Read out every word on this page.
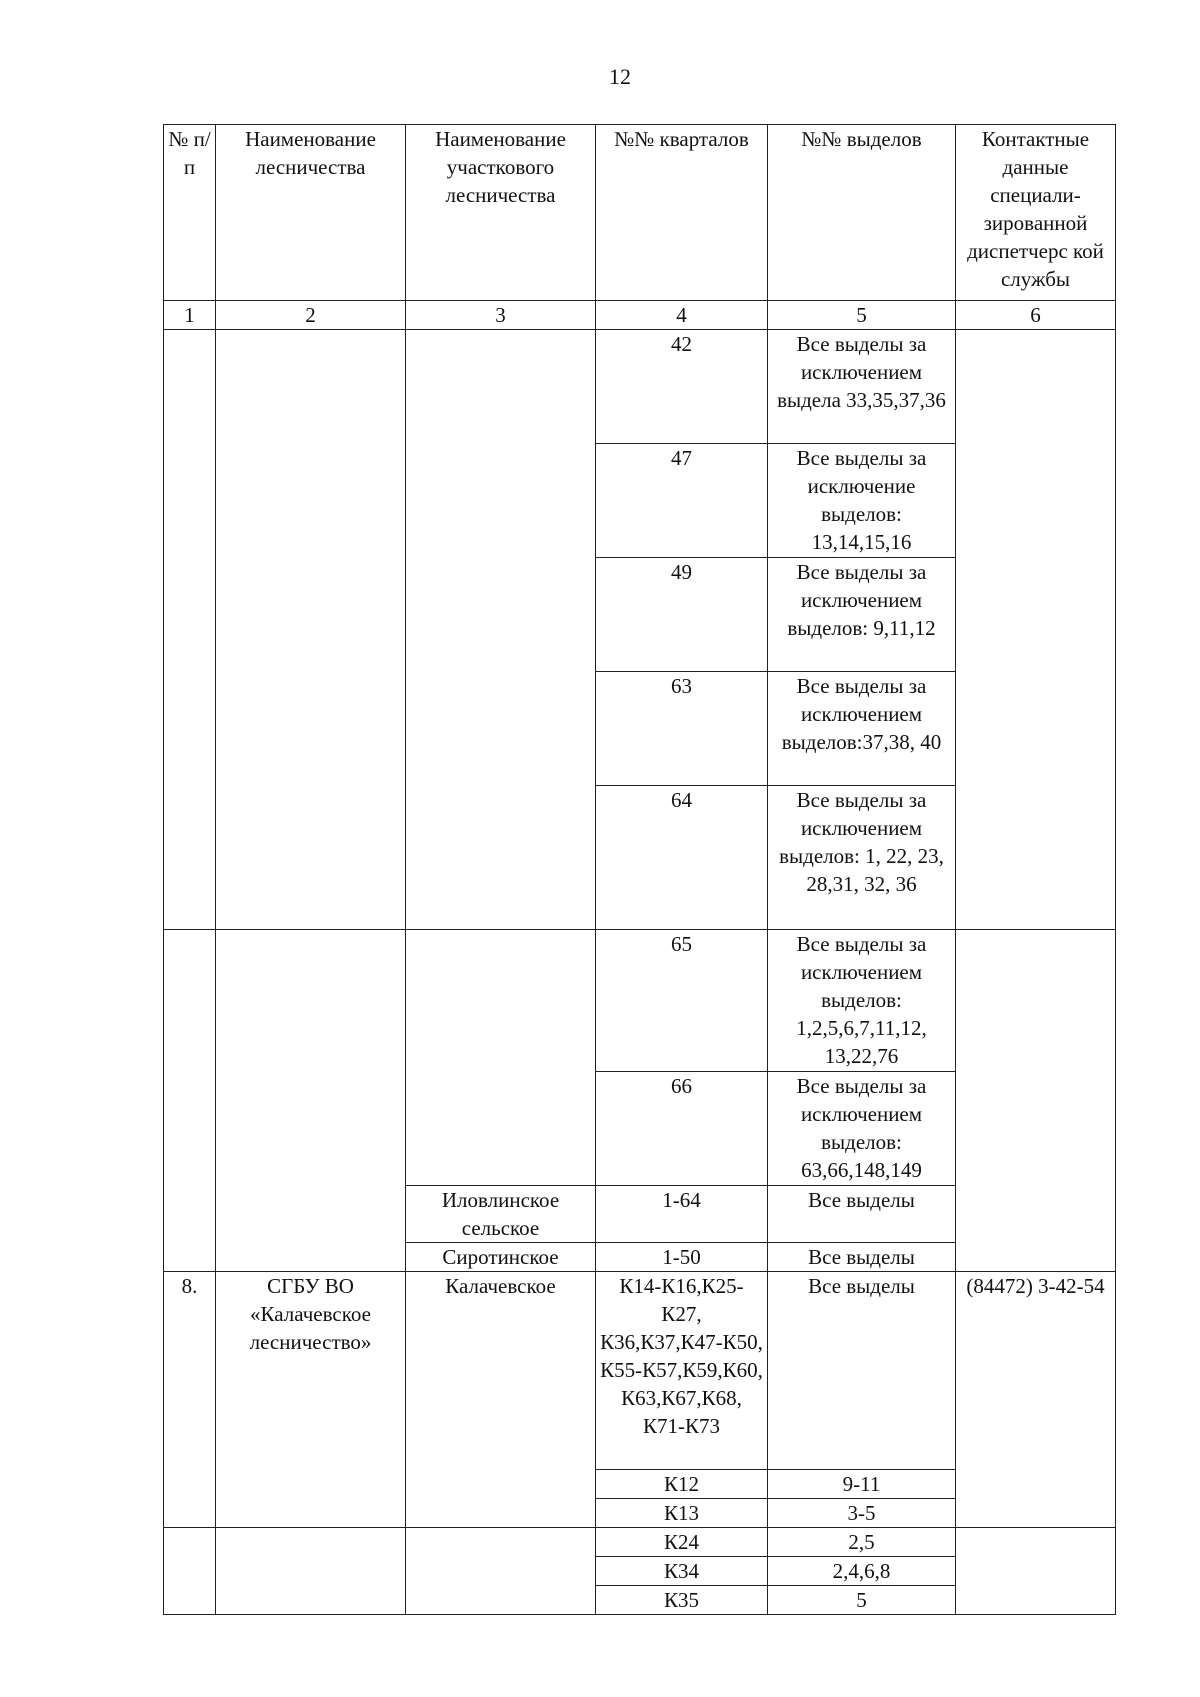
12
№ п/п	Наименование лесничества	Наименование участкового лесничества	№№ кварталов	№№ выделов	Контактные данные специали-зированной диспетчерс кой службы
1	2	3	4	5	6
			42	Все выделы за исключением выдела 33,35,37,36	
			47	Все выделы за исключение выделов: 13,14,15,16	
			49	Все выделы за исключением выделов: 9,11,12	
			63	Все выделы за исключением выделов:37,38, 40	
			64	Все выделы за исключением выделов: 1, 22, 23, 28,31, 32, 36	
			65	Все выделы за исключением выделов: 1,2,5,6,7,11,12, 13,22,76	
			66	Все выделы за исключением выделов: 63,66,148,149	
		Иловлинское сельское	1-64	Все выделы	
		Сиротинское	1-50	Все выделы	
8.	СГБУ ВО «Калачевское лесничество»	Калачевское	К14-К16,К25-К27, К36,К37,К47-К50, К55-К57,К59,К60, К63,К67,К68, К71-К73	Все выделы	(84472) 3-42-54
			К12	9-11	
			К13	3-5	
			К24	2,5	
			К34	2,4,6,8	
			К35	5	
